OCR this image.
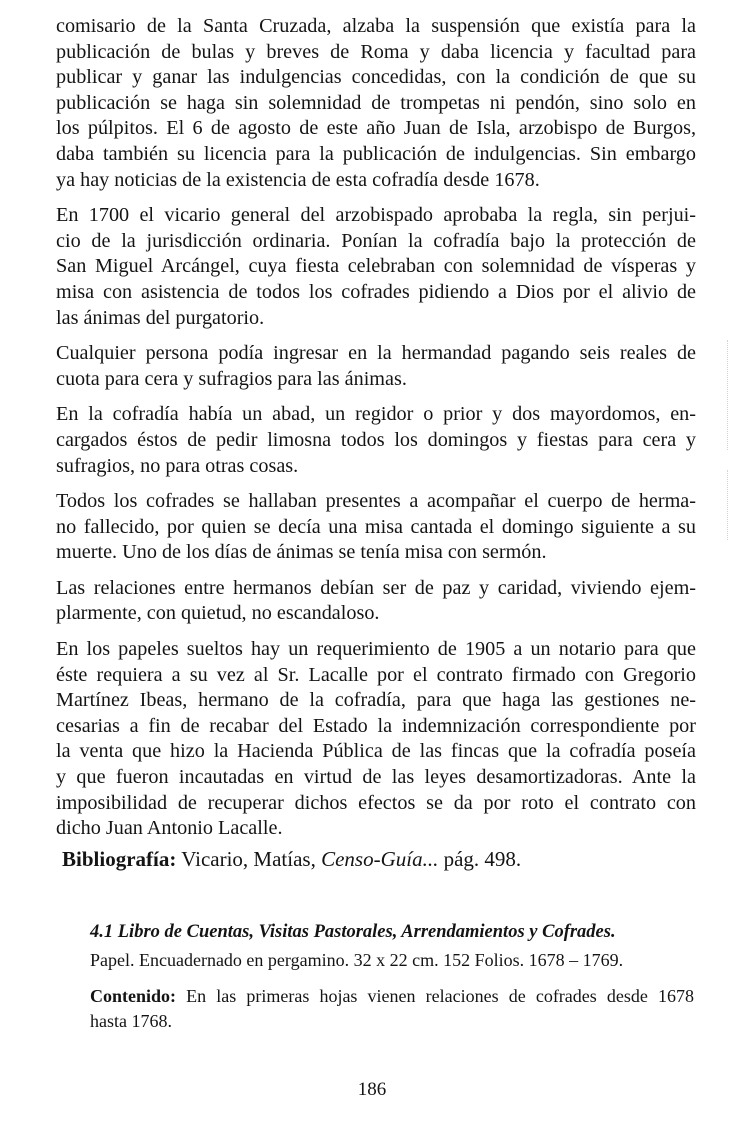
comisario de la Santa Cruzada, alzaba la suspensión que existía para la
publicación de bulas y breves de Roma y daba licencia y facultad para
publicar y ganar las indulgencias concedidas, con la condición de que su
publicación se haga sin solemnidad de trompetas ni pendón, sino solo en
los púlpitos. El 6 de agosto de este año Juan de Isla, arzobispo de Burgos,
daba también su licencia para la publicación de indulgencias. Sin embargo
ya hay noticias de la existencia de esta cofradía desde 1678.

En 1700 el vicario general del arzobispado aprobaba la regla, sin perjui-
cio de la jurisdicción ordinaria. Ponían la cofradía bajo la protección de
San Miguel Arcángel, cuya fiesta celebraban con solemnidad de vísperas y
misa con asistencia de todos los cofrades pidiendo a Dios por el alivio de
las ánimas del purgatorio.

Cualquier persona podía ingresar en la hermandad pagando seis reales de
cuota para cera y sufragios para las ánimas.

En la cofradía había un abad, un regidor o prior y dos mayordomos, en-
cargados éstos de pedir limosna todos los domingos y fiestas para cera y
sufragios, no para otras cosas.

Todos los cofrades se hallaban presentes a acompañar el cuerpo de herma-
no fallecido, por quien se decía una misa cantada el domingo siguiente a su
muerte. Uno de los días de ánimas se tenía misa con sermón.

Las relaciones entre hermanos debían ser de paz y caridad, viviendo ejem-
plarmente, con quietud, no escandaloso.

En los papeles sueltos hay un requerimiento de 1905 a un notario para que
éste requiera a su vez al Sr. Lacalle por el contrato firmado con Gregorio
Martínez Ibeas, hermano de la cofradía, para que haga las gestiones ne-
cesarias a fin de recabar del Estado la indemnización correspondiente por
la venta que hizo la Hacienda Pública de las fincas que la cofradía poseía
y que fueron incautadas en virtud de las leyes desamortizadoras. Ante la
imposibilidad de recuperar dichos efectos se da por roto el contrato con
dicho Juan Antonio Lacalle.

Bibliografía: Vicario, Matías, Censo-Guía... pág. 498.

4.1 Libro de Cuentas, Visitas Pastorales, Arrendamientos y Cofrades.

Papel. Encuadernado en pergamino. 32 x 22 cm. 152 Folios. 1678 – 1769.

Contenido: En las primeras hojas vienen relaciones de cofrades desde 1678
hasta 1768.

186
